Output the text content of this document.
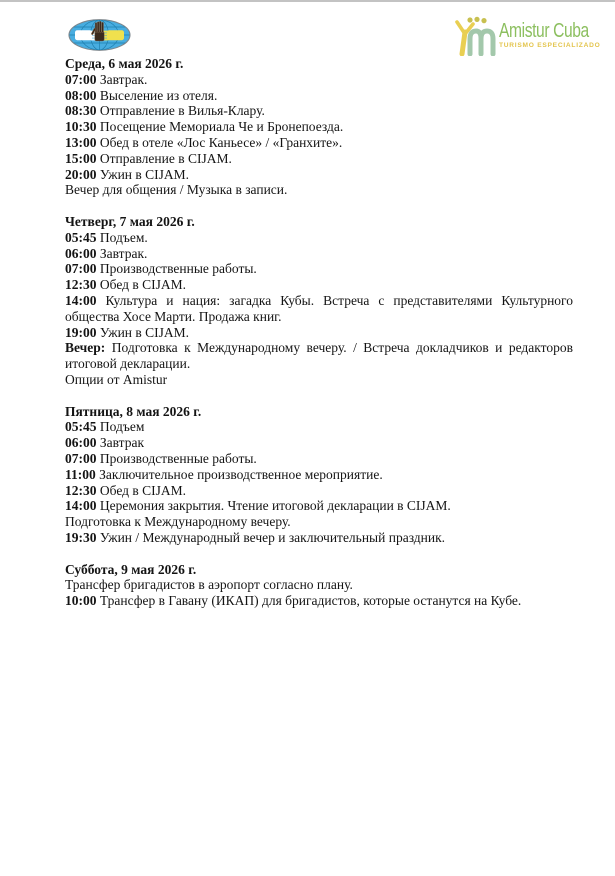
Amistur Cuba
TURISMO ESPECIALIZADO

Среда, 6 мая 2026 г.

07:00 Завтрак.

08:00 Выселение из отеля.

08:30 Отправление в Вилья-Клару.

10:30 Посещение Мемориала Че и Бронепоезда.

13:00 Обед в отеле «Лос Каньесе» / «Гранхите».

15:00 Отправление в CIJAM.

20:00 Ужин в CIJAM.

Вечер для общения / Музыка в записи.

Четверг, 7 мая 2026 г.

05:45 Подъем.

06:00 Завтрак.

07:00 Производственные работы.

12:30 Обед в CIJAM.

14:00 Культура и нация: загадка Кубы. Встреча с представителями Культурного общества Хосе Марти. Продажа книг.

19:00 Ужин в CIJAM.

Вечер: Подготовка к Международному вечеру. / Встреча докладчиков и редакторов итоговой декларации.

Опции от Amistur

Пятница, 8 мая 2026 г.

05:45 Подъем

06:00 Завтрак

07:00 Производственные работы.

11:00 Заключительное производственное мероприятие.

12:30 Обед в CIJAM.

14:00 Церемония закрытия. Чтение итоговой декларации в CIJAM.

Подготовка к Международному вечеру.

19:30 Ужин / Международный вечер и заключительный праздник.

Суббота, 9 мая 2026 г.

Трансфер бригадистов в аэропорт согласно плану.

10:00 Трансфер в Гавану (ИКАП) для бригадистов, которые останутся на Кубе.
